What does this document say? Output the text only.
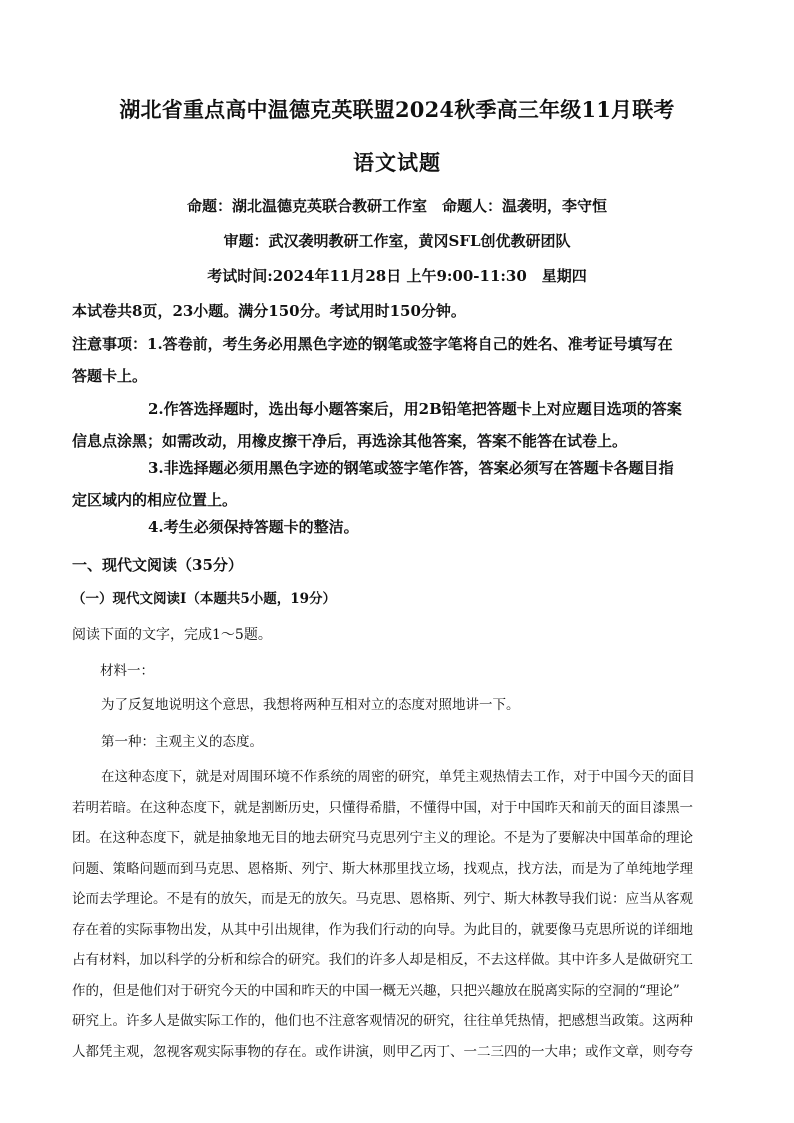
湖北省重点高中温德克英联盟2024秋季高三年级11月联考
语文试题
命题：湖北温德克英联合教研工作室　命题人：温袭明，李守恒
审题：武汉袭明教研工作室，黄冈SFL创优教研团队
考试时间:2024年11月28日 上午9:00-11:30　星期四
本试卷共8页，23小题。满分150分。考试用时150分钟。
注意事项：1.答卷前，考生务必用黑色字迹的钢笔或签字笔将自己的姓名、准考证号填写在
答题卡上。
2.作答选择题时，选出每小题答案后，用2B铅笔把答题卡上对应题目选项的答案
信息点涂黑；如需改动，用橡皮擦干净后，再选涂其他答案，答案不能答在试卷上。
3.非选择题必须用黑色字迹的钢笔或签字笔作答，答案必须写在答题卡各题目指
定区域内的相应位置上。
4.考生必须保持答题卡的整洁。
一、现代文阅读（35分）
（一）现代文阅读Ⅰ（本题共5小题，19分）
阅读下面的文字，完成1～5题。
材料一：
为了反复地说明这个意思，我想将两种互相对立的态度对照地讲一下。
第一种：主观主义的态度。
在这种态度下，就是对周围环境不作系统的周密的研究，单凭主观热情去工作，对于中国今天的面目
若明若暗。在这种态度下，就是割断历史，只懂得希腊，不懂得中国，对于中国昨天和前天的面目漆黑一
团。在这种态度下，就是抽象地无目的地去研究马克思列宁主义的理论。不是为了要解决中国革命的理论
问题、策略问题而到马克思、恩格斯、列宁、斯大林那里找立场，找观点，找方法，而是为了单纯地学理
论而去学理论。不是有的放矢，而是无的放矢。马克思、恩格斯、列宁、斯大林教导我们说：应当从客观
存在着的实际事物出发，从其中引出规律，作为我们行动的向导。为此目的，就要像马克思所说的详细地
占有材料，加以科学的分析和综合的研究。我们的许多人却是相反，不去这样做。其中许多人是做研究工
作的，但是他们对于研究今天的中国和昨天的中国一概无兴趣，只把兴趣放在脱离实际的空洞的“理论”
研究上。许多人是做实际工作的，他们也不注意客观情况的研究，往往单凭热情，把感想当政策。这两种
人都凭主观，忽视客观实际事物的存在。或作讲演，则甲乙丙丁、一二三四的一大串；或作文章，则夸夸
